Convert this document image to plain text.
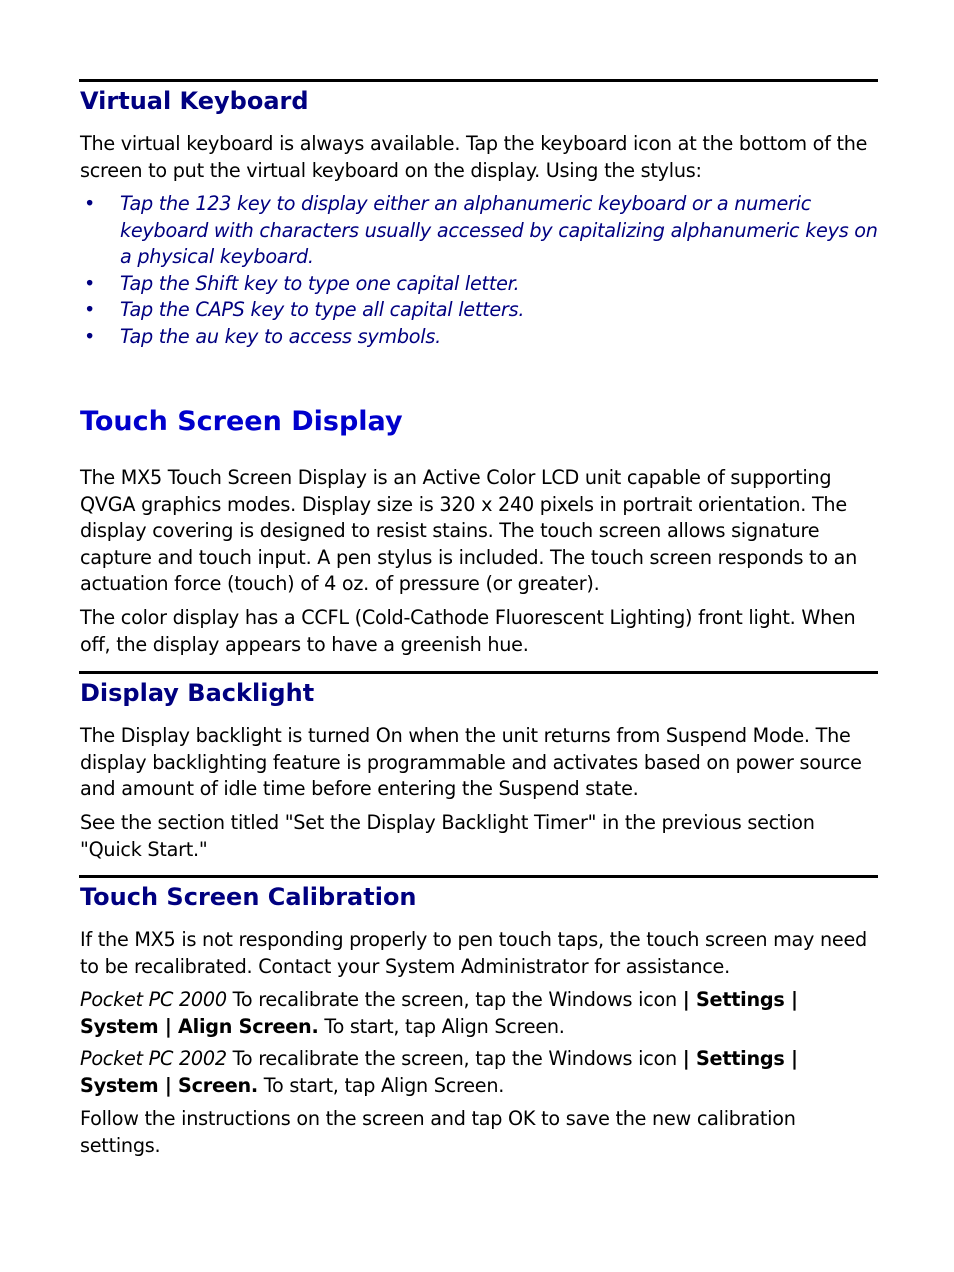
Virtual Keyboard

The virtual keyboard is always available. Tap the keyboard icon at the bottom of the screen to put the virtual keyboard on the display. Using the stylus:

• Tap the 123 key to display either an alphanumeric keyboard or a numeric keyboard with characters usually accessed by capitalizing alphanumeric keys on a physical keyboard.
• Tap the Shift key to type one capital letter.
• Tap the CAPS key to type all capital letters.
• Tap the au key to access symbols.
Touch Screen Display

The MX5 Touch Screen Display is an Active Color LCD unit capable of supporting QVGA graphics modes. Display size is 320 x 240 pixels in portrait orientation. The display covering is designed to resist stains. The touch screen allows signature capture and touch input. A pen stylus is included. The touch screen responds to an actuation force (touch) of 4 oz. of pressure (or greater).

The color display has a CCFL (Cold-Cathode Fluorescent Lighting) front light. When off, the display appears to have a greenish hue.

Display Backlight

The Display backlight is turned On when the unit returns from Suspend Mode. The display backlighting feature is programmable and activates based on power source and amount of idle time before entering the Suspend state.

See the section titled "Set the Display Backlight Timer" in the previous section "Quick Start."

Touch Screen Calibration

If the MX5 is not responding properly to pen touch taps, the touch screen may need to be recalibrated. Contact your System Administrator for assistance.

Pocket PC 2000 To recalibrate the screen, tap the Windows icon | Settings | System | Align Screen. To start, tap Align Screen.

Pocket PC 2002 To recalibrate the screen, tap the Windows icon | Settings | System | Screen. To start, tap Align Screen.

Follow the instructions on the screen and tap OK to save the new calibration settings.
